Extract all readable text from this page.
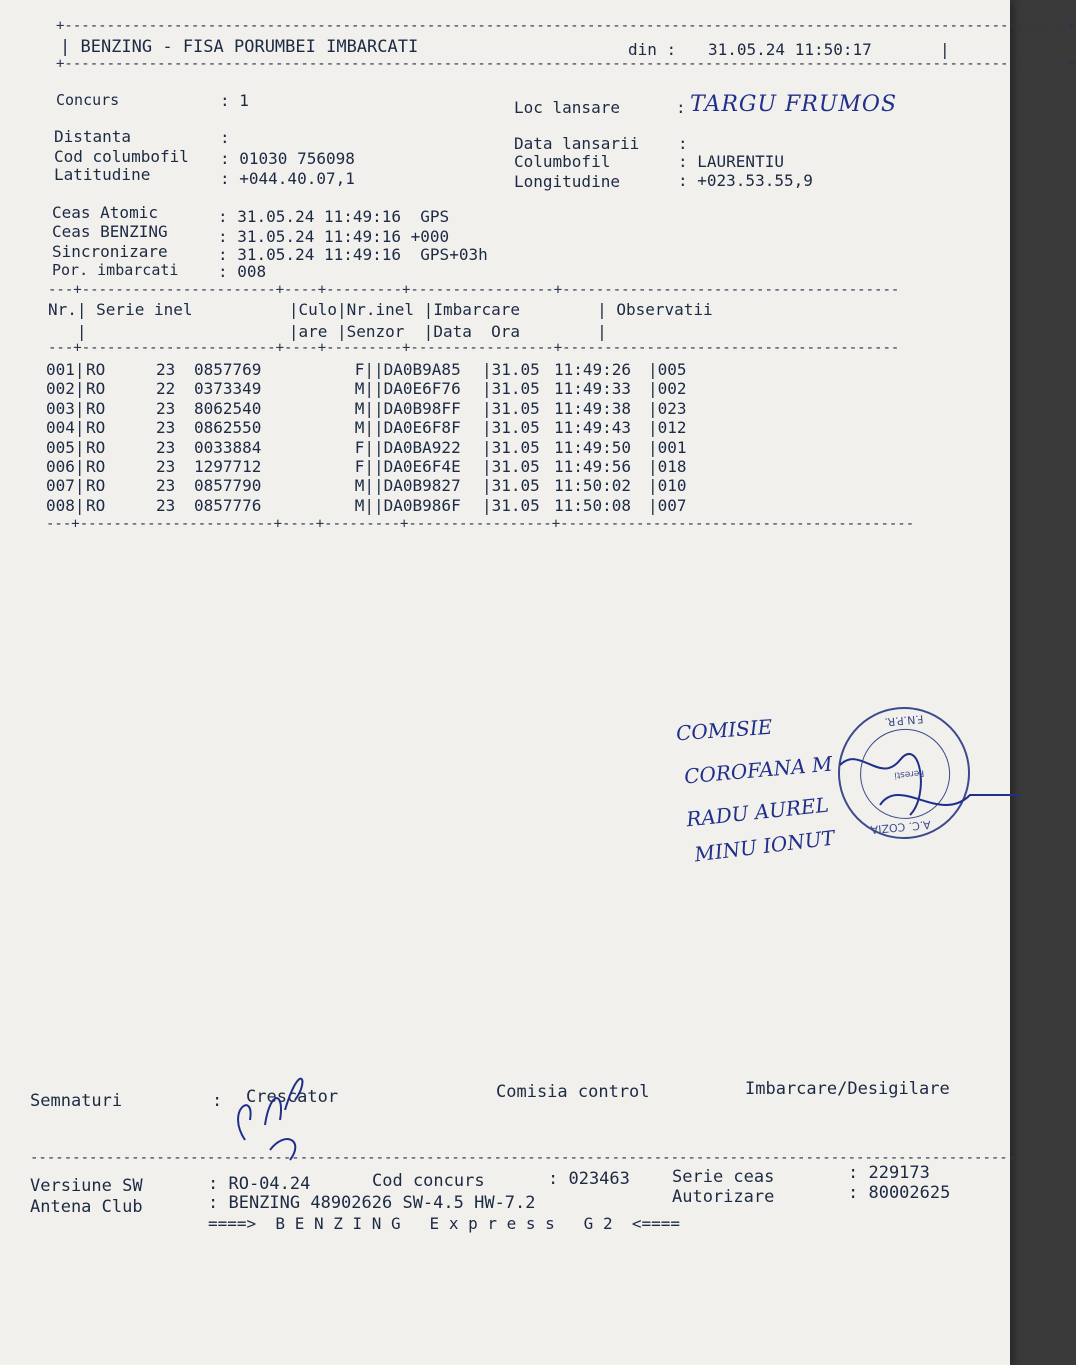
+-----------------------------------------------------------------------------------------------------------------------+
| BENZING - FISA PORUMBEI IMBARCATI	din : 31.05.24 11:50:17	|
+-----------------------------------------------------------------------------------------------------------------------+
Concurs	: 1	Loc lansare	: TARGU FRUMOS
Distanta	:	Data lansarii :
Cod columbofil : 01030 756098	Columbofil	: LAURENTIU
Latitudine	: +044.40.07,1	Longitudine	: +023.53.55,9
Ceas Atomic	: 31.05.24 11:49:16  GPS
Ceas BENZING	: 31.05.24 11:49:16 +000
Sincronizare	: 31.05.24 11:49:16  GPS+03h
Por. imbarcati : 008
---+-----------------------+----+---------+-----------------+----------------------------------------
Nr.| Serie inel          |Culo|Nr.inel |Imbarcare        | Observatii
|                     |are |Senzor  |Data  Ora        |
---+-----------------------+----+---------+-----------------+----------------------------------------
001|	RO	23	0857769	F|	|DA0B9A85	|31.05	11:49:26	|005
002|	RO	22	0373349	M|	|DA0E6F76	|31.05	11:49:33	|002
003|	RO	23	8062540	M|	|DA0B98FF	|31.05	11:49:38	|023
004|	RO	23	0862550	M|	|DA0E6F8F	|31.05	11:49:43	|012
005|	RO	23	0033884	F|	|DA0BA922	|31.05	11:49:50	|001
006|	RO	23	1297712	F|	|DA0E6F4E	|31.05	11:49:56	|018
007|	RO	23	0857790	M|	|DA0B9827	|31.05	11:50:02	|010
008|	RO	23	0857776	M|	|DA0B986F	|31.05	11:50:08	|007
---+-----------------------+----+---------+-----------------+------------------------------------------
COMISIE
COROFANA M
RADU AUREL
MINU IONUT	A.C. COZIA
Feresti
F.N.P.R.
Semnaturi	: Crescator	Comisia control	Imbarcare/Desigilare
---------------------------------------------------------------------------------------------------------------------
Versiune SW	: RO-04.24	Cod concurs	: 023463 Serie ceas	: 229173
Antena Club	: BENZING 48902626 SW-4.5 HW-7.2	Autorizare	: 80002625
====>  B E N Z I N G   E x p r e s s   G 2  <====
